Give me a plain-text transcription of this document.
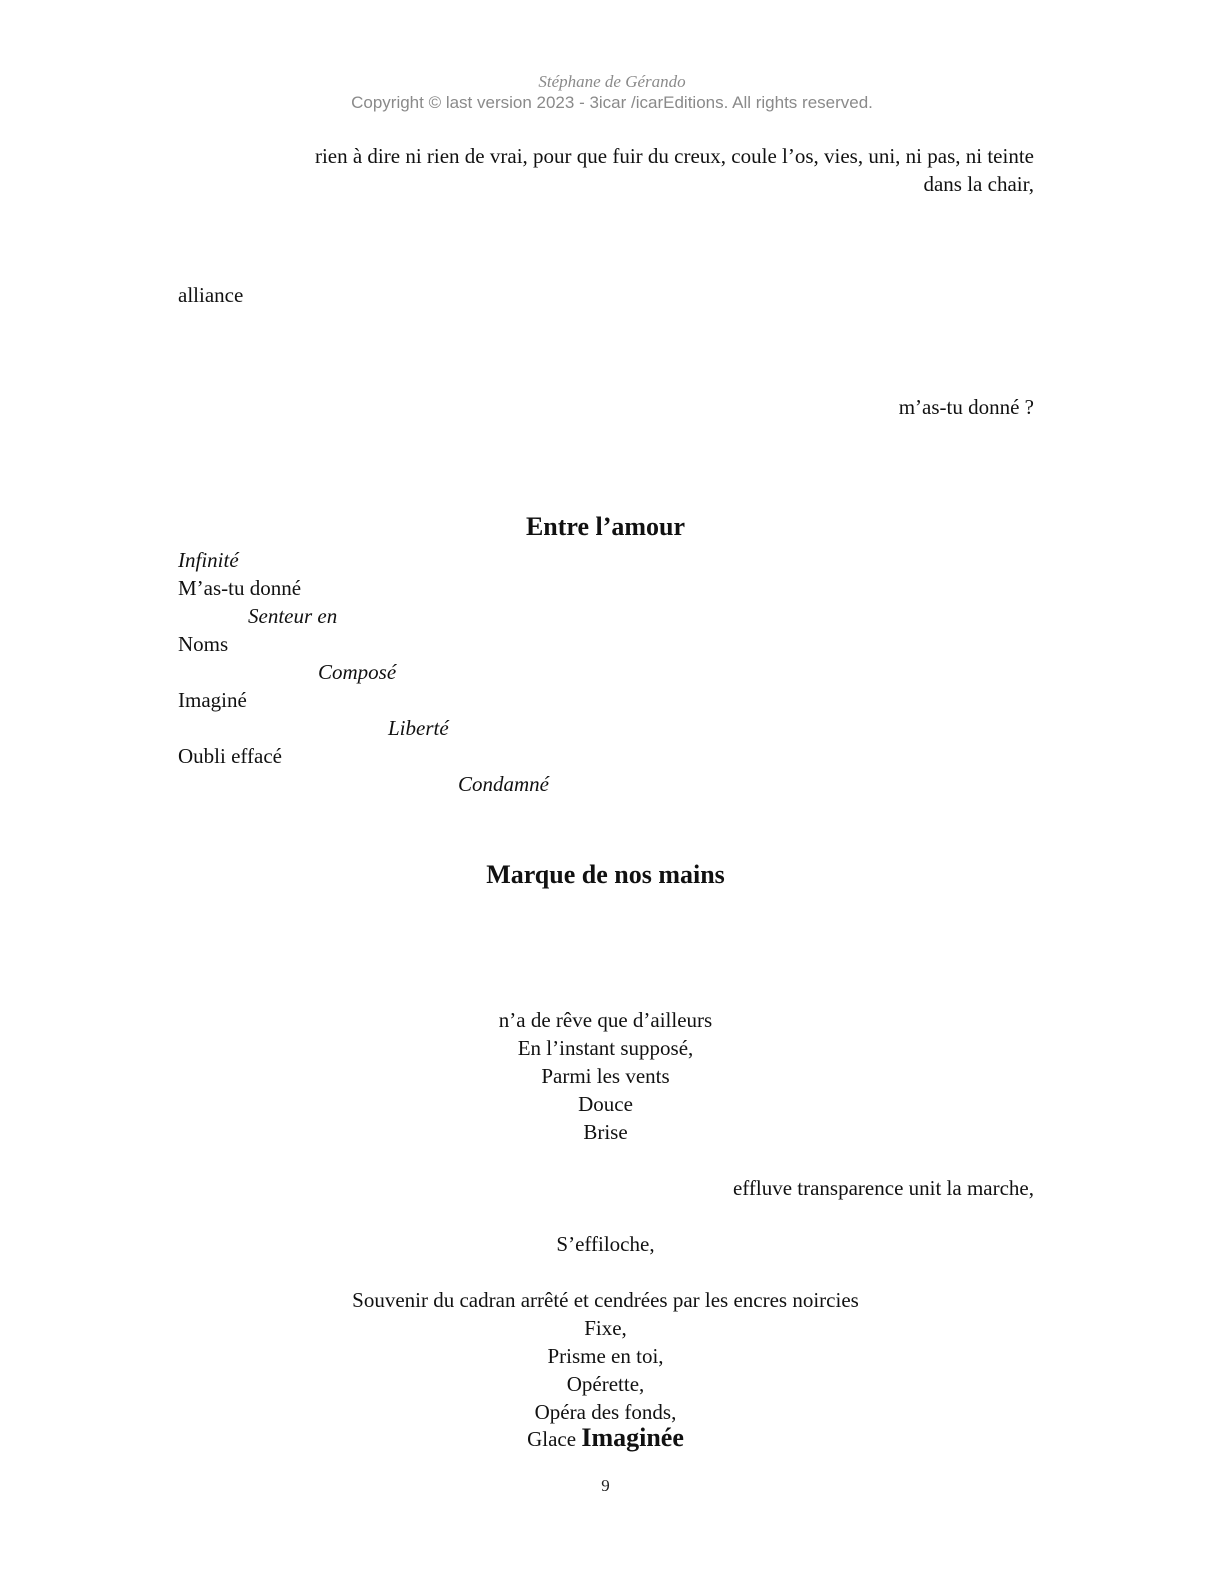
Stéphane de Gérando
Copyright © last version 2023 - 3icar /icarEditions. All rights reserved.
rien à dire ni rien de vrai, pour que fuir du creux, coule l’os, vies, uni, ni pas, ni teinte
dans la chair,
alliance
m’as-tu donné ?
Entre l’amour
Infinité
M’as-tu donné
Senteur en
Noms
Composé
Imaginé
Liberté
Oubli effacé
Condamné
Marque de nos mains
n’a de rêve que d’ailleurs
En l’instant supposé,
Parmi les vents
Douce
Brise
effluve transparence unit la marche,
S’effiloche,
Souvenir du cadran arrêté et cendrées par les encres noircies
Fixe,
Prisme en toi,
Opérette,
Opéra des fonds,
Glace Imaginée
9
